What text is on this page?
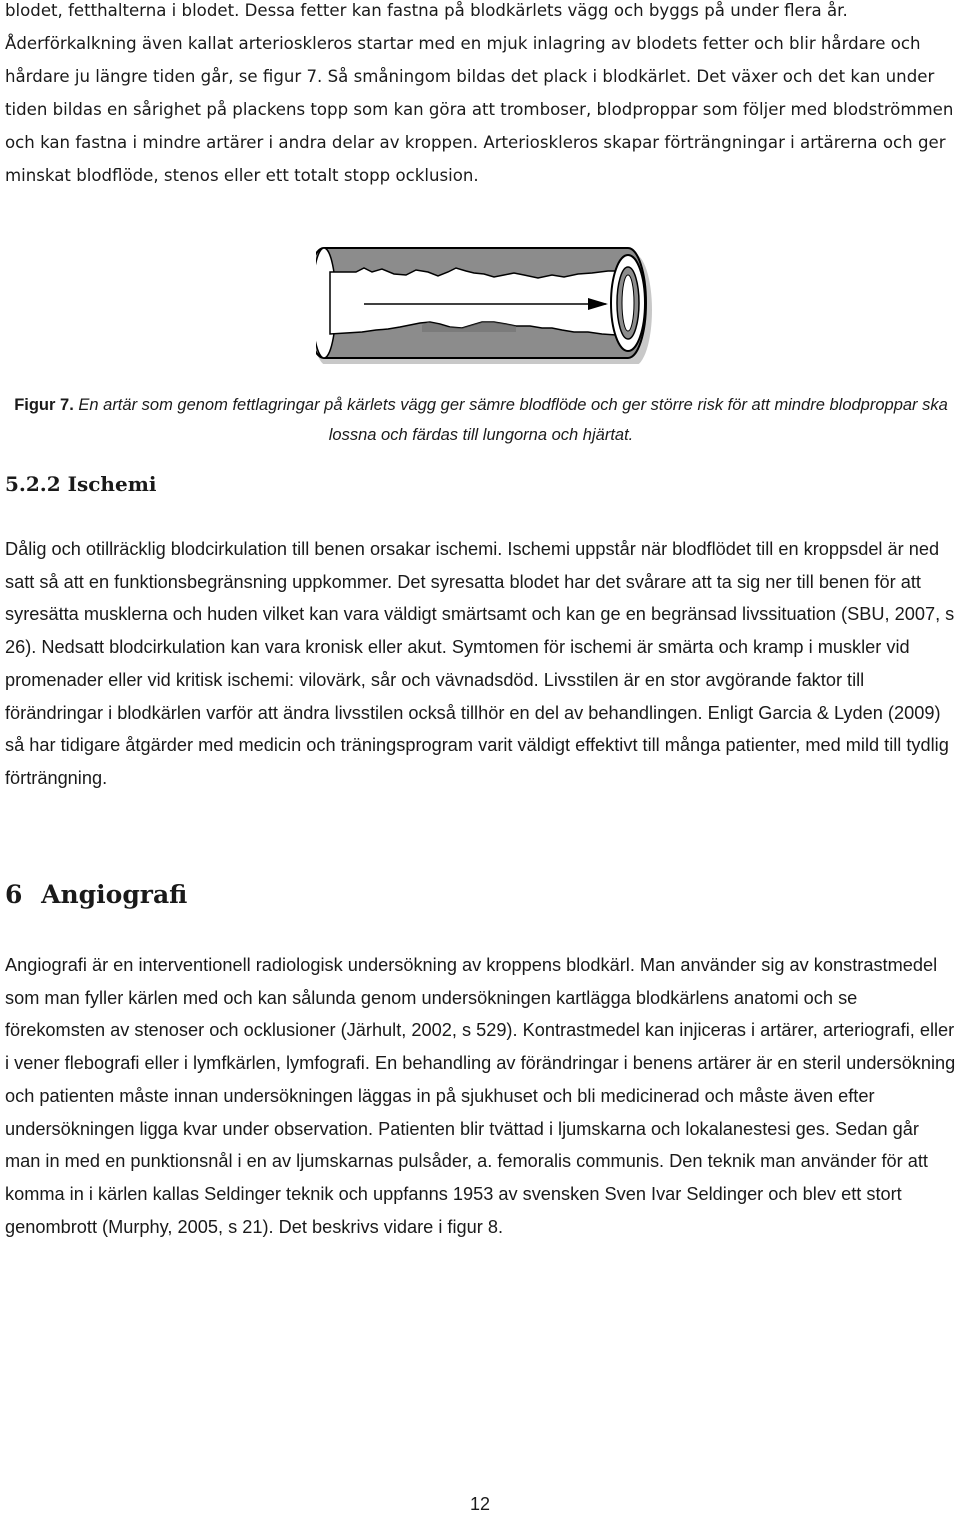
blodet, fetthalterna i blodet. Dessa fetter kan fastna på blodkärlets vägg och byggs på under flera år. Åderförkalkning även kallat arterioskleros startar med en mjuk inlagring av blodets fetter och blir hårdare och hårdare ju längre tiden går, se figur 7. Så småningom bildas det plack i blodkärlet. Det växer och det kan under tiden bildas en sårighet på plackens topp som kan göra att tromboser, blodproppar som följer med blodströmmen och kan fastna i mindre artärer i andra delar av kroppen. Arterioskleros skapar förträngningar i artärerna och ger minskat blodflöde, stenos eller ett totalt stopp ocklusion.

Figur 7. En artär som genom fettlagringar på kärlets vägg ger sämre blodflöde och ger större risk för att mindre blodproppar ska lossna och färdas till lungorna och hjärtat.

5.2.2 Ischemi

Dålig och otillräcklig blodcirkulation till benen orsakar ischemi. Ischemi uppstår när blodflödet till en kroppsdel är ned satt så att en funktionsbegränsning uppkommer. Det syresatta blodet har det svårare att ta sig ner till benen för att syresätta musklerna och huden vilket kan vara väldigt smärtsamt och kan ge en begränsad livssituation (SBU, 2007, s 26). Nedsatt blodcirkulation kan vara kronisk eller akut. Symtomen för ischemi är smärta och kramp i muskler vid promenader eller vid kritisk ischemi: vilovärk, sår och vävnadsdöd. Livsstilen är en stor avgörande faktor till förändringar i blodkärlen varför att ändra livsstilen också tillhör en del av behandlingen. Enligt Garcia & Lyden (2009) så har tidigare åtgärder med medicin och träningsprogram varit väldigt effektivt till många patienter, med mild till tydlig förträngning.

6 Angiografi

Angiografi är en interventionell radiologisk undersökning av kroppens blodkärl. Man använder sig av konstrastmedel som man fyller kärlen med och kan sålunda genom undersökningen kartlägga blodkärlens anatomi och se förekomsten av stenoser och ocklusioner (Järhult, 2002, s 529). Kontrastmedel kan injiceras i artärer, arteriografi, eller i vener flebografi eller i lymfkärlen, lymfografi. En behandling av förändringar i benens artärer är en steril undersökning och patienten måste innan undersökningen läggas in på sjukhuset och bli medicinerad och måste även efter undersökningen ligga kvar under observation. Patienten blir tvättad i ljumskarna och lokalanestesi ges. Sedan går man in med en punktionsnål i en av ljumskarnas pulsåder, a. femoralis communis. Den teknik man använder för att komma in i kärlen kallas Seldinger teknik och uppfanns 1953 av svensken Sven Ivar Seldinger och blev ett stort genombrott (Murphy, 2005, s 21). Det beskrivs vidare i figur 8.

12
